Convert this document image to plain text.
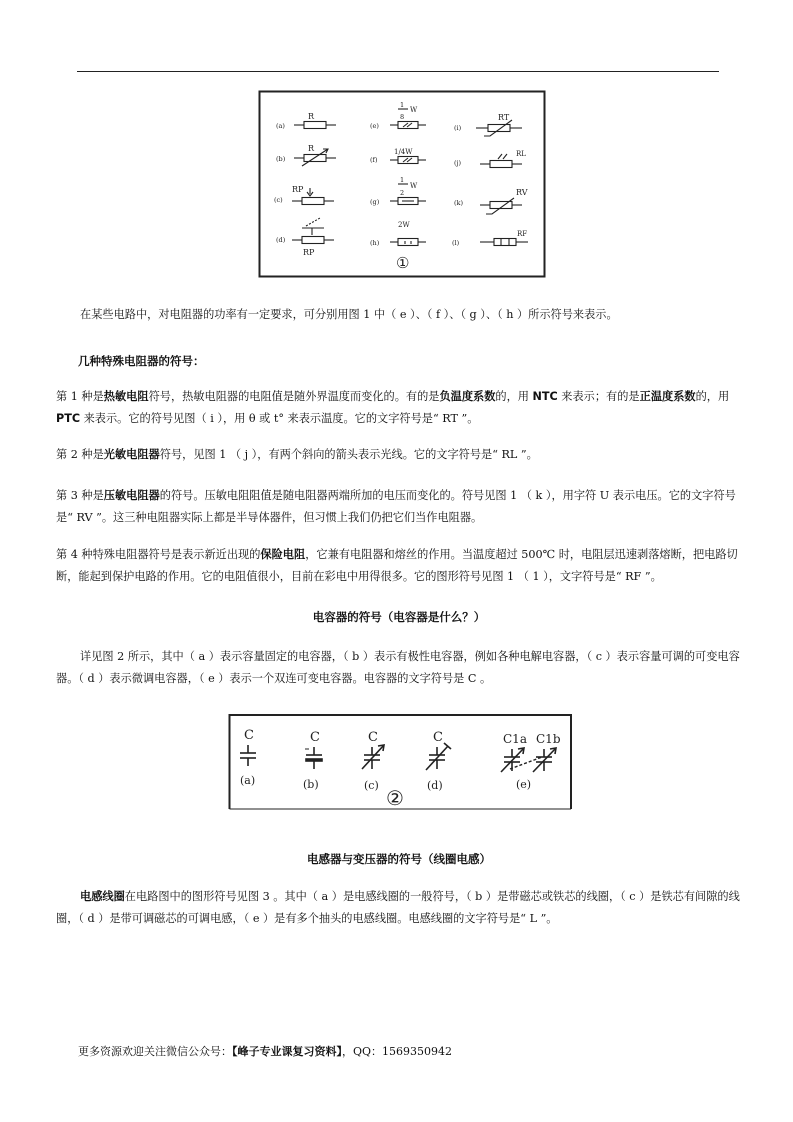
(a)
R
(b)
R
(c)
RP
(d)
RP
(e)
1
8
W
(f)
1/4W
(g)
1
2
W
(h)
2W
(i)
RT
(j)
RL
(k)
RV
(l)
RF
①

在某些电路中，对电阻器的功率有一定要求，可分别用图 1 中（ e ）、（ f ）、（ g ）、（ h ）所示符号来表示。

几种特殊电阻器的符号：

第 1 种是热敏电阻符号，热敏电阻器的电阻值是随外界温度而变化的。有的是负温度系数的，用 NTC 来表示；有的是正温度系数的，用 PTC 来表示。它的符号见图（ i ），用 θ 或 t° 来表示温度。它的文字符号是“ RT ”。

第 2 种是光敏电阻器符号，见图 1 （ j ），有两个斜向的箭头表示光线。它的文字符号是“ RL ”。

第 3 种是压敏电阻器的符号。压敏电阻阻值是随电阻器两端所加的电压而变化的。符号见图 1 （ k ），用字符 U 表示电压。它的文字符号是“ RV ”。这三种电阻器实际上都是半导体器件，但习惯上我们仍把它们当作电阻器。

第 4 种特殊电阻器符号是表示新近出现的保险电阻，它兼有电阻器和熔丝的作用。当温度超过 500℃ 时，电阻层迅速剥落熔断，把电路切断，能起到保护电路的作用。它的电阻值很小，目前在彩电中用得很多。它的图形符号见图 1 （ 1 ），文字符号是“ RF ”。

电容器的符号（电容器是什么？）

详见图 2 所示，其中（ a ）表示容量固定的电容器，（ b ）表示有极性电容器，例如各种电解电容器，（ c ）表示容量可调的可变电容器。（ d ）表示微调电容器，（ e ）表示一个双连可变电容器。电容器的文字符号是 C 。

C	C	C	C	C1a C1b
(a)	(b)	(c)	(d)	(e)
②

电感器与变压器的符号（线圈电感）

电感线圈在电路图中的图形符号见图 3 。其中（ a ）是电感线圈的一般符号，（ b ）是带磁芯或铁芯的线圈，（ c ）是铁芯有间隙的线圈，（ d ）是带可调磁芯的可调电感，（ e ）是有多个抽头的电感线圈。电感线圈的文字符号是“ L ”。

更多资源欢迎关注微信公众号：【峰子专业课复习资料】，QQ：1569350942
